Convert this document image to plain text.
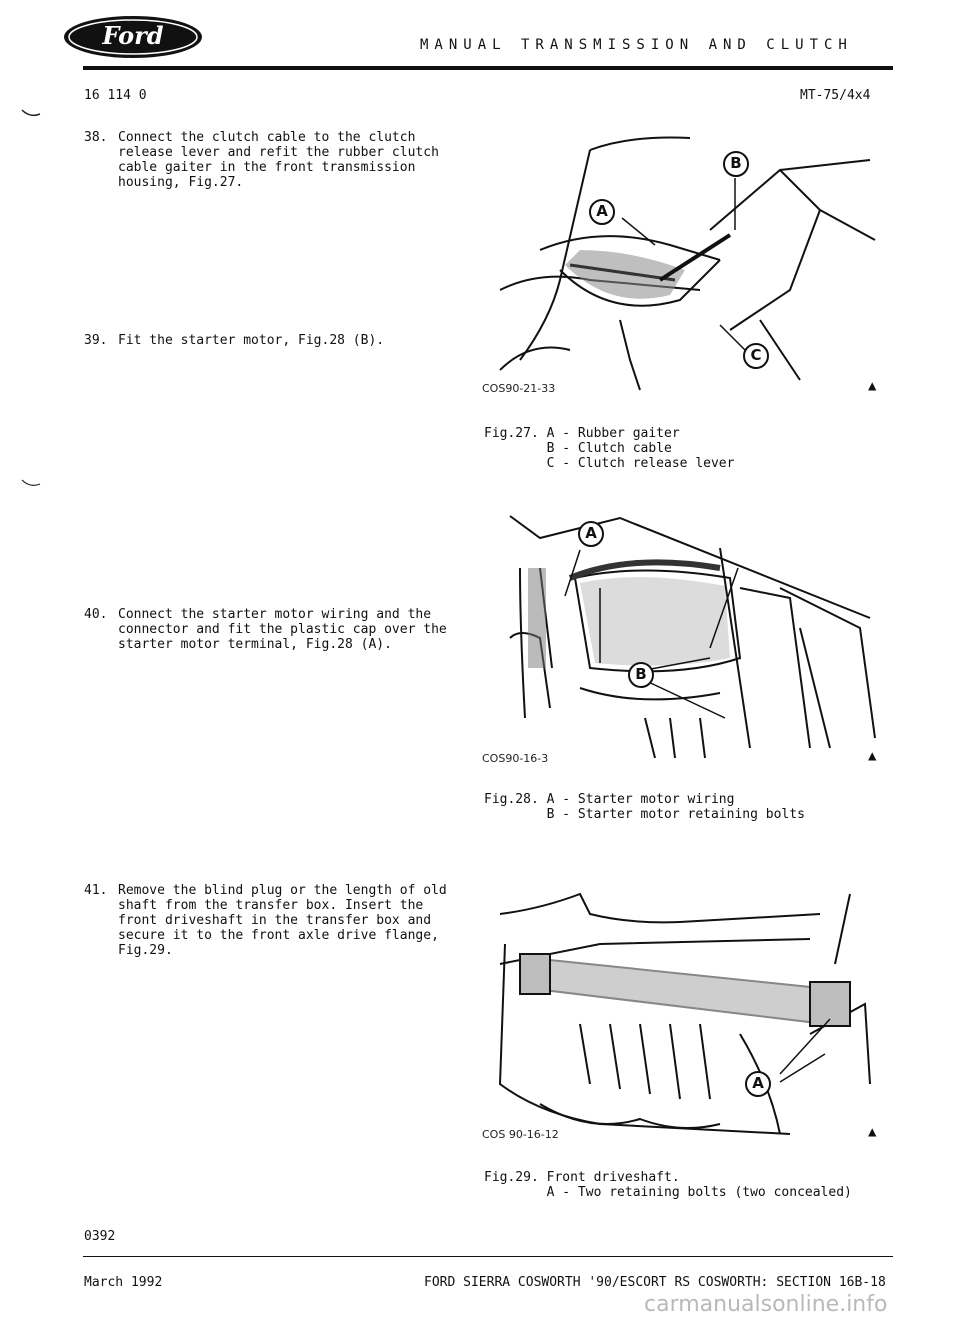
Ford	MANUAL TRANSMISSION AND CLUTCH
16 114 0	MT-75/4x4
38. Connect the clutch cable to the clutch
release lever and refit the rubber clutch
cable gaiter in the front transmission
housing, Fig.27.
39. Fit the starter motor, Fig.28 (B).
40. Connect the starter motor wiring and the
connector and fit the plastic cap over the
starter motor terminal, Fig.28 (A).
41. Remove the blind plug or the length of old
shaft from the transfer box. Insert the
front driveshaft in the transfer box and
secure it to the front axle drive flange,
Fig.29.
A
B
C
COS90-21-33	▲
Fig.27. A - Rubber gaiter
B - Clutch cable
C - Clutch release lever
A
B
COS90-16-3	▲
Fig.28. A - Starter motor wiring
B - Starter motor retaining bolts
A
COS 90-16-12	▲
Fig.29. Front driveshaft.
A - Two retaining bolts (two concealed)
0392
March 1992	FORD SIERRA COSWORTH '90/ESCORT RS COSWORTH: SECTION 16B-18
carmanualsonline.info
